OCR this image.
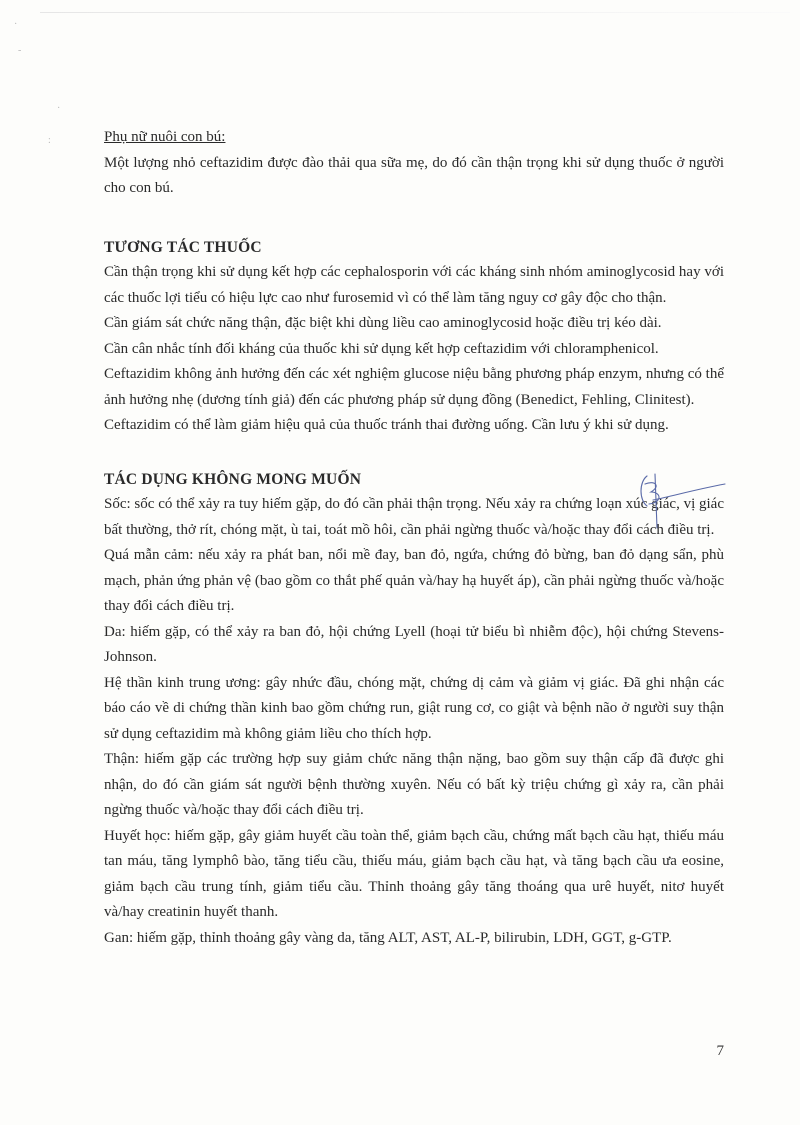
·
-
·
:	Phụ nữ nuôi con bú:

Một lượng nhỏ ceftazidim được đào thải qua sữa mẹ, do đó cần thận trọng khi sử dụng thuốc ở người cho con bú.

TƯƠNG TÁC THUỐC

Cần thận trọng khi sử dụng kết hợp các cephalosporin với các kháng sinh nhóm aminoglycosid hay với các thuốc lợi tiểu có hiệu lực cao như furosemid vì có thể làm tăng nguy cơ gây độc cho thận.

Cần giám sát chức năng thận, đặc biệt khi dùng liều cao aminoglycosid hoặc điều trị kéo dài.

Cần cân nhắc tính đối kháng của thuốc khi sử dụng kết hợp ceftazidim với chloramphenicol.

Ceftazidim không ảnh hưởng đến các xét nghiệm glucose niệu bằng phương pháp enzym, nhưng có thể ảnh hưởng nhẹ (dương tính giả) đến các phương pháp sử dụng đồng (Benedict, Fehling, Clinitest).

Ceftazidim có thể làm giảm hiệu quả của thuốc tránh thai đường uống. Cần lưu ý khi sử dụng.

TÁC DỤNG KHÔNG MONG MUỐN

Sốc: sốc có thể xảy ra tuy hiếm gặp, do đó cần phải thận trọng. Nếu xảy ra chứng loạn xúc giác, vị giác bất thường, thở rít, chóng mặt, ù tai, toát mồ hôi, cần phải ngừng thuốc và/hoặc thay đổi cách điều trị.

Quá mẫn cảm: nếu xảy ra phát ban, nổi mề đay, ban đỏ, ngứa, chứng đỏ bừng, ban đỏ dạng sẩn, phù mạch, phản ứng phản vệ (bao gồm co thắt phế quản và/hay hạ huyết áp), cần phải ngừng thuốc và/hoặc thay đổi cách điều trị.

Da: hiếm gặp, có thể xảy ra ban đỏ, hội chứng Lyell (hoại tử biểu bì nhiễm độc), hội chứng Stevens-Johnson.

Hệ thần kinh trung ương: gây nhức đầu, chóng mặt, chứng dị cảm và giảm vị giác. Đã ghi nhận các báo cáo về di chứng thần kinh bao gồm chứng run, giật rung cơ, co giật và bệnh não ở người suy thận sử dụng ceftazidim mà không giảm liều cho thích hợp.

Thận: hiếm gặp các trường hợp suy giảm chức năng thận nặng, bao gồm suy thận cấp đã được ghi nhận, do đó cần giám sát người bệnh thường xuyên. Nếu có bất kỳ triệu chứng gì xảy ra, cần phải ngừng thuốc và/hoặc thay đổi cách điều trị.

Huyết học: hiếm gặp, gây giảm huyết cầu toàn thể, giảm bạch cầu, chứng mất bạch cầu hạt, thiếu máu tan máu, tăng lymphô bào, tăng tiểu cầu, thiếu máu, giảm bạch cầu hạt, và tăng bạch cầu ưa eosine, giảm bạch cầu trung tính, giảm tiểu cầu. Thỉnh thoảng gây tăng thoáng qua urê huyết, nitơ huyết và/hay creatinin huyết thanh.

Gan: hiếm gặp, thỉnh thoảng gây vàng da, tăng ALT, AST, AL-P, bilirubin, LDH, GGT, g-GTP.

7
